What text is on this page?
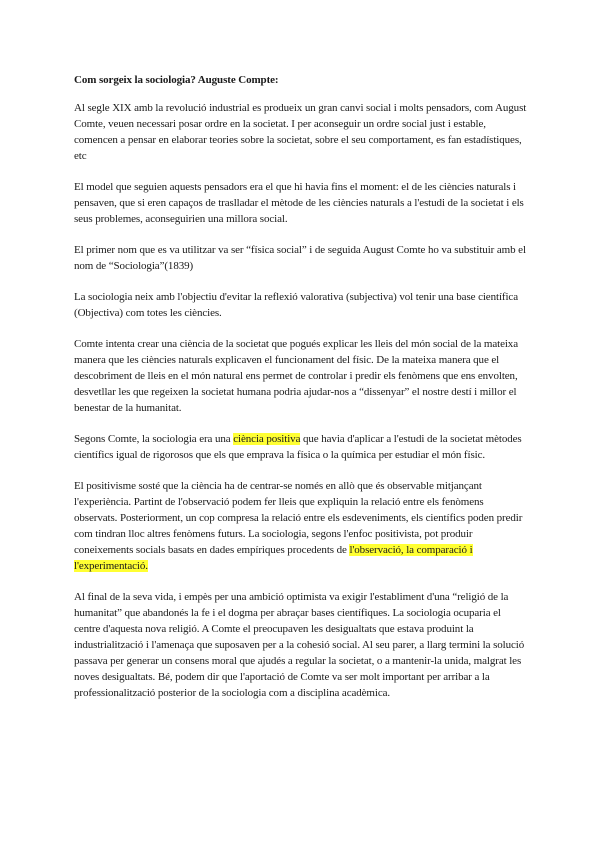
Com sorgeix la sociologia? Auguste Compte:

Al segle XIX amb la revolució industrial es produeix un gran canvi social i molts pensadors, com August Comte, veuen necessari posar ordre en la societat. I per aconseguir un ordre social just i estable, comencen a pensar en elaborar teories sobre la societat, sobre el seu comportament, es fan estadístiques, etc

El model que seguien aquests pensadors era el que hi havia fins el moment: el de les ciències naturals i pensaven, que si eren capaços de traslladar el mètode de les ciències naturals a l'estudi de la societat i els seus problemes, aconseguirien una millora social.

El primer nom que es va utilitzar va ser “física social” i de seguida August Comte ho va substituir amb el nom de “Sociologia”(1839)

La sociologia neix amb l'objectiu d'evitar la reflexió valorativa (subjectiva) vol tenir una base científica (Objectiva) com totes les ciències.

Comte intenta crear una ciència de la societat que pogués explicar les lleis del món social de la mateixa manera que les ciències naturals explicaven el funcionament del físic. De la mateixa manera que el descobriment de lleis en el món natural ens permet de controlar i predir els fenòmens que ens envolten, desvetllar les que regeixen la societat humana podria ajudar-nos a “dissenyar” el nostre destí i millor el benestar de la humanitat.

Segons Comte, la sociologia era una ciència positiva que havia d'aplicar a l'estudi de la societat mètodes científics igual de rigorosos que els que emprava la física o la química per estudiar el món físic.

El positivisme sosté que la ciència ha de centrar-se només en allò que és observable mitjançant l'experiència. Partint de l'observació podem fer lleis que expliquin la relació entre els fenòmens observats. Posteriorment, un cop compresa la relació entre els esdeveniments, els científics poden predir com tindran lloc altres fenòmens futurs. La sociologia, segons l'enfoc positivista, pot produir coneixements socials basats en dades empíriques procedents de l'observació, la comparació i l'experimentació.

Al final de la seva vida, i empès per una ambició optimista va exigir l'establiment d'una “religió de la humanitat” que abandonés la fe i el dogma per abraçar bases científiques. La sociologia ocuparia el centre d'aquesta nova religió. A Comte el preocupaven les desigualtats que estava produint la industrialització i l'amenaça que suposaven per a la cohesió social. Al seu parer, a llarg termini la solució passava per generar un consens moral que ajudés a regular la societat, o a mantenir-la unida, malgrat les noves desigualtats. Bé, podem dir que l'aportació de Comte va ser molt important per arribar a la professionalització posterior de la sociologia com a disciplina acadèmica.
